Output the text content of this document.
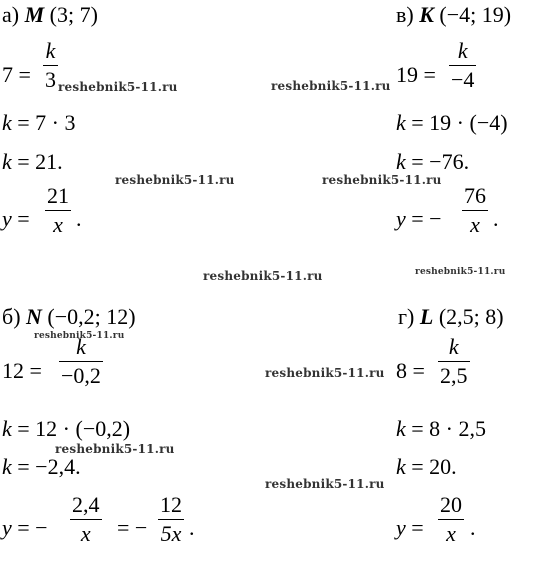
а) M (3; 7)
7 =
k
3
k = 7 · 3
k = 21.
y =
21
x .
в) K (−4; 19)
19 =
k
−4
k = 19 · (−4)
k = −76.
y = −
76
x .
б) N (−0,2; 12)
12 =
k
−0,2
k = 12 · (−0,2)
k = −2,4.
y = −
2,4
x = −
12
5x .
г) L (2,5; 8)
8 =
k
2,5
k = 8 · 2,5
k = 20.
y =
20
x .
reshebnik5-11.ru	reshebnik5-11.ru
reshebnik5-11.ru	reshebnik5-11.ru
reshebnik5-11.ru	reshebnik5-11.ru
reshebnik5-11.ru
reshebnik5-11.ru
reshebnik5-11.ru
reshebnik5-11.ru
